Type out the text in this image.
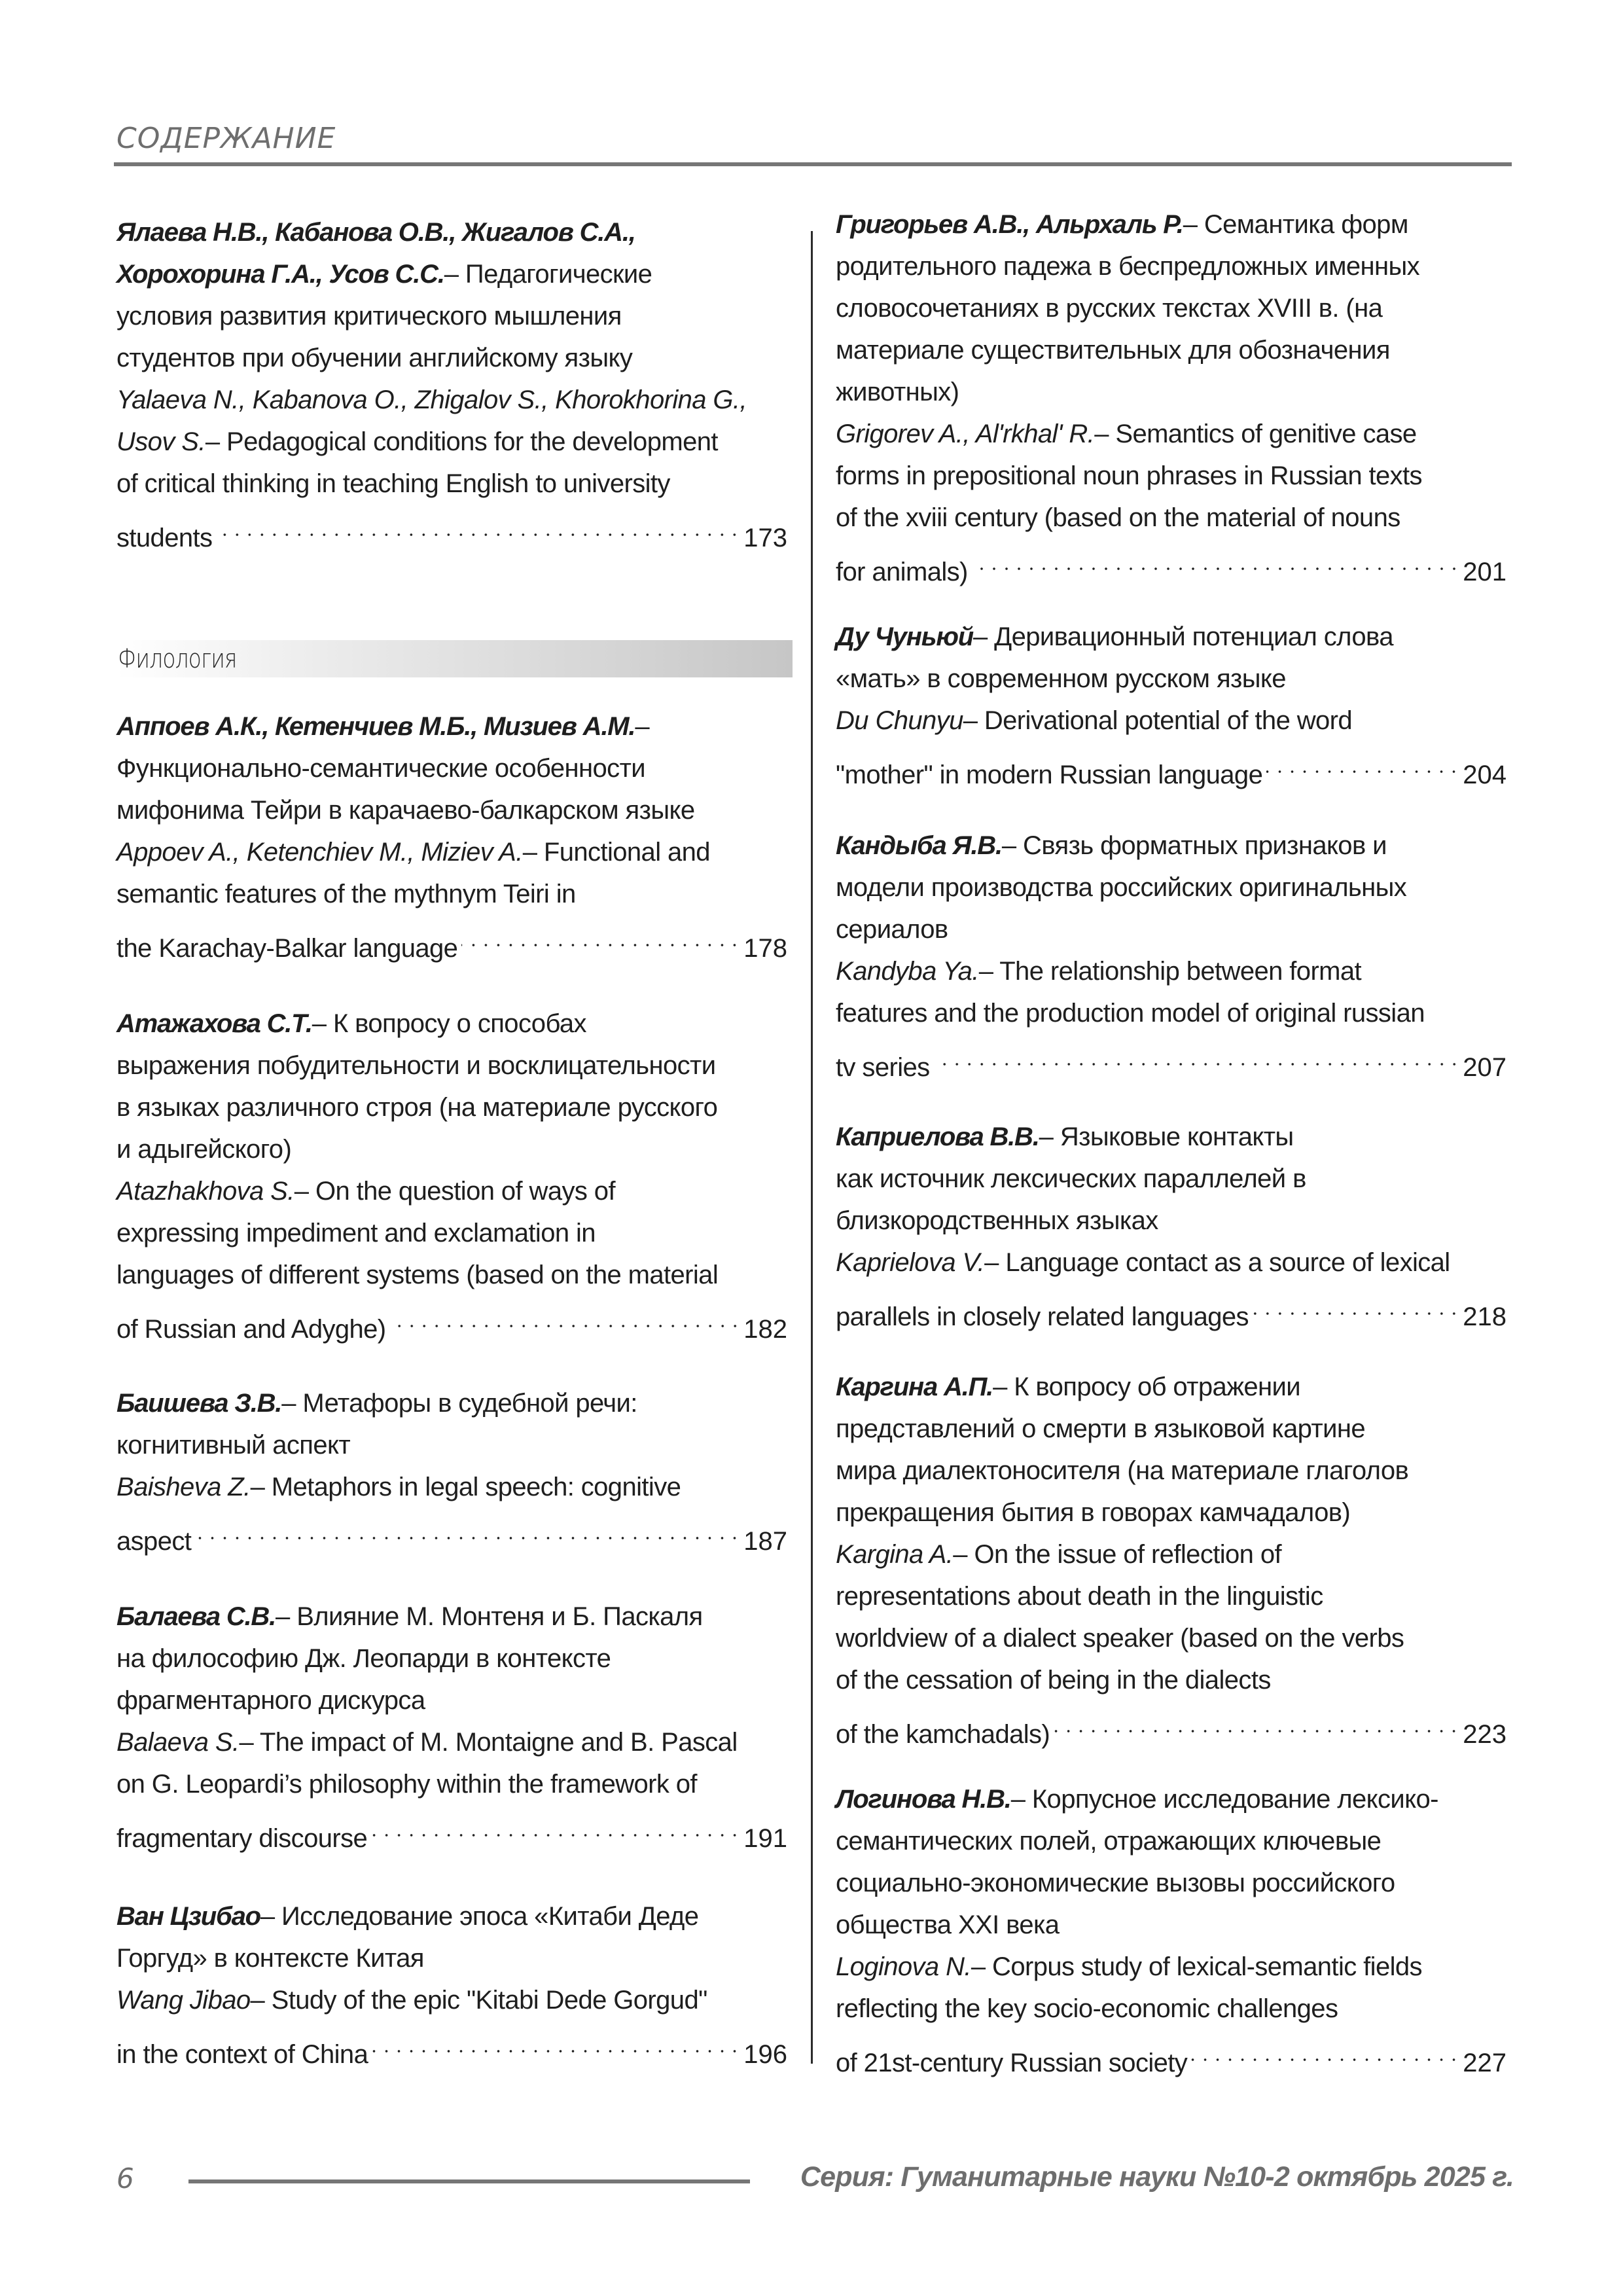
СОДЕРЖАНИЕ
Филология
Ялаева Н.В., Кабанова О.В., Жигалов С.А.,
Хорохорина Г.А., Усов С.С. – Педагогические
условия развития критического мышления
студентов при обучении английскому языку
Yalaeva N., Kabanova O., Zhigalov S., Khorokhorina G.,
Usov S. – Pedagogical conditions for the development
of critical thinking in teaching English to university
students	173
Аппоев А.К., Кетенчиев М.Б., Мизиев А.М. –
Функционально-семантические особенности
мифонима Тейри в карачаево-балкарском языке
Appoev A., Ketenchiev M., Miziev A. – Functional and
semantic features of the mythnym Teiri in
the Karachay-Balkar language	178
Атажахова С.Т. – К вопросу о способах
выражения побудительности и восклицательности
в языках различного строя (на материале русского
и адыгейского)
Atazhakhova S. – On the question of ways of
expressing impediment and exclamation in
languages of different systems (based on the material
of Russian and Adyghe)	182
Баишева З.В. – Метафоры в судебной речи:
когнитивный аспект
Baisheva Z. – Metaphors in legal speech: cognitive
aspect	187
Балаева С.В. – Влияние М. Монтеня и Б. Паскаля
на философию Дж. Леопарди в контексте
фрагментарного дискурса
Balaeva S. – The impact of M. Montaigne and B. Pascal
on G. Leopardi’s philosophy within the framework of
fragmentary discourse	191
Ван Цзибао – Исследование эпоса «Китаби Деде
Горгуд» в контексте Китая
Wang Jibao – Study of the epic "Kitabi Dede Gorgud"
in the context of China	196
Григорьев А.В., Альрхаль Р. – Семантика форм
родительного падежа в беспредложных именных
словосочетаниях в русских текстах XVIII в. (на
материале существительных для обозначения
животных)
Grigorev A., Al'rkhal' R. – Semantics of genitive case
forms in prepositional noun phrases in Russian texts
of the xviii century (based on the material of nouns
for animals)	201
Ду Чуньюй – Деривационный потенциал слова
«мать» в современном русском языке
Du Chunyu – Derivational potential of the word
"mother" in modern Russian language	204
Кандыба Я.В. – Связь форматных признаков и
модели производства российских оригинальных
сериалов
Kandyba Ya. – The relationship between format
features and the production model of original russian
tv series	207
Каприелова В.В. – Языковые контакты
как источник лексических параллелей в
близкородственных языках
Kaprielova V. – Language contact as a source of lexical
parallels in closely related languages	218
Каргина А.П. – К вопросу об отражении
представлений о смерти в языковой картине
мира диалектоносителя (на материале глаголов
прекращения бытия в говорах камчадалов)
Kargina A. – On the issue of reflection of
representations about death in the linguistic
worldview of a dialect speaker (based on the verbs
of the cessation of being in the dialects
of the kamchadals)	223
Логинова Н.В. – Корпусное исследование лексико-
семантических полей, отражающих ключевые
социально-экономические вызовы российского
общества XXI века
Loginova N. – Corpus study of lexical-semantic fields
reflecting the key socio-economic challenges
of 21st-century Russian society	227
6	Серия: Гуманитарные науки №10-2 октябрь 2025 г.
